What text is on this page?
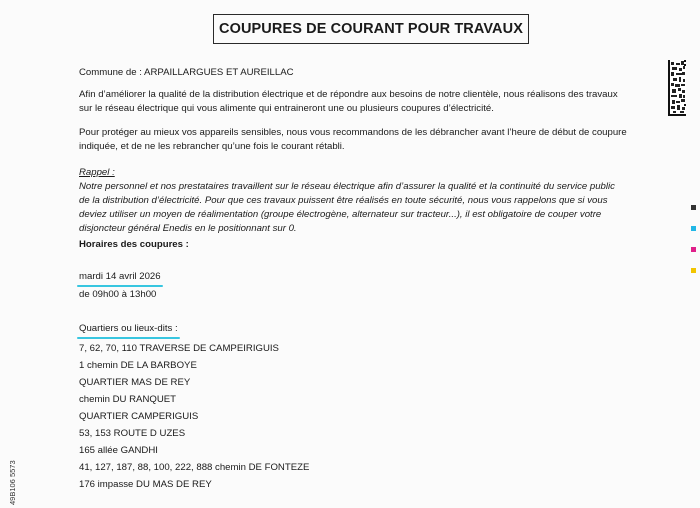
COUPURES DE COURANT POUR TRAVAUX
Commune de : ARPAILLARGUES ET AUREILLAC
Afin d’améliorer la qualité de la distribution électrique et de répondre aux besoins de notre clientèle, nous réalisons des travaux
sur le réseau électrique qui vous alimente qui entraineront une ou plusieurs coupures d’électricité.
Pour protéger au mieux vos appareils sensibles, nous vous recommandons de les débrancher avant l’heure de début de coupure
indiquée, et de ne les rebrancher qu’une fois le courant rétabli.
Rappel :
Notre personnel et nos prestataires travaillent sur le réseau électrique afin d’assurer la qualité et la continuité du service public
de la distribution d’électricité. Pour que ces travaux puissent être réalisés en toute sécurité, nous vous rappelons que si vous
deviez utiliser un moyen de réalimentation (groupe électrogène, alternateur sur tracteur...), il est obligatoire de couper votre
disjoncteur général Enedis en le positionnant sur 0.
Horaires des coupures :
mardi 14 avril 2026
de 09h00 à 13h00
Quartiers ou lieux-dits :
7, 62, 70, 110 TRAVERSE DE CAMPEIRIGUIS
1 chemin DE LA BARBOYE
QUARTIER MAS DE REY
chemin DU RANQUET
QUARTIER CAMPERIGUIS
53, 153 ROUTE D UZES
165 allée GANDHI
41, 127, 187, 88, 100, 222, 888 chemin DE FONTEZE
176 impasse DU MAS DE REY
49B106 5573
